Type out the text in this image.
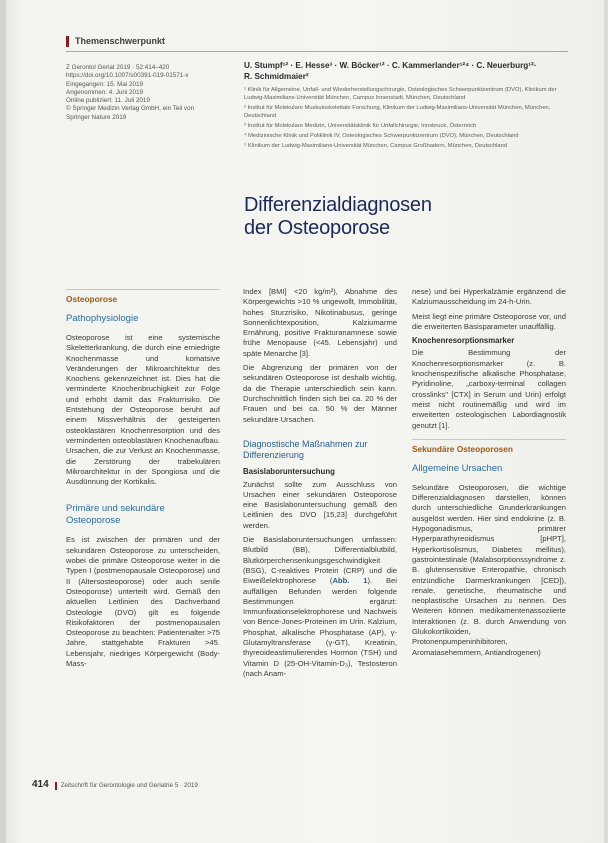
Themenschwerpunkt
Z Gerontol Geriat 2019 · 52:414–420
https://doi.org/10.1007/s00391-019-01571-x
Eingegangen: 15. Mai 2019
Angenommen: 4. Juni 2019
Online publiziert: 11. Juli 2019
© Springer Medizin Verlag GmbH, ein Teil von
Springer Nature 2019
U. Stumpf¹² · E. Hesse³ · W. Böcker¹² · C. Kammerlander¹²⁴ · C. Neuerburg¹²·
R. Schmidmaier²
¹ Klinik für Allgemeine, Unfall- und Wiederherstellungschirurgie, Osteologisches Schwerpunktzentrum (DVO), Klinikum der Ludwig-Maximilians-Universität München, Campus Innenstadt, München, Deutschland
² Institut für Molekulare Muskuloskelettale Forschung, Klinikum der Ludwig-Maximilians-Universität München, München, Deutschland
³ Institut für Molekulare Medizin, Universitätsklinik für Unfallchirurgie, Innsbruck, Österreich
⁴ Medizinische Klinik und Poliklinik IV, Osteologisches Schwerpunktzentrum (DVO), München, Deutschland
⁵ Klinikum der Ludwig-Maximilians-Universität München, Campus Großhadern, München, Deutschland
Differenzialdiagnosen
der Osteoporose
Osteoporose
Pathophysiologie

Osteoporose ist eine systemische Skeletterkrankung, die durch eine erniedrigte Knochenmasse und komatsive Veränderungen der Mikroarchitektur des Knochens gekennzeichnet ist. Dies hat die verminderte Knochenbruchigkeit zur Folge und erhöht damit das Frakturrisiko. Die Entstehung der Osteoporose beruht auf einem Missverhältnis der gesteigerten osteoklastären Knochenresorption und des verminderten osteoblastären Knochenaufbau. Ursachen, die zur Verlust an Knochenmasse, die Zerstörung der trabekulären Mikroarchitektur in der Spongiosa und die Ausdünnung der Kortikalis.

Primäre und sekundäre
Osteoporose

Es ist zwischen der primären und der sekundären Osteoporose zu unterscheiden, wobei die primäre Osteoporose weiter in die Typen I (postmenopausale Osteoporose) und II (Altersosteoporose) oder auch senile Osteoporose) unterteilt wird. Gemäß den aktuellen Leitlinien des Dachverband Osteologie (DVO) gilt es folgende Risikofaktoren der postmenopausalen Osteoporose zu beachten: Patientenalter >75 Jahre, stattgehabte Frakturen >45. Lebensjahr, niedriges Körpergewicht (Body-Mass-

Index [BMI] <20 kg/m²), Abnahme des Körpergewichts >10 % ungewollt, Immobilität, hohes Sturzrisiko, Nikotinabusus, geringe Sonnenlichtexposition, Kalziumarme Ernährung, positive Frakturanamnese sowie frühe Menopause (<45. Lebensjahr) und späte Menarche [3].

Die Abgrenzung der primären von der sekundären Osteoporose ist deshalb wichtig, da die Therapie unterschiedlich sein kann. Durchschnittlich finden sich bei ca. 20 % der Frauen und bei ca. 50 % der Männer sekundäre Ursachen.

Diagnostische Maßnahmen zur
Differenzierung
Basislaboruntersuchung

Zunächst sollte zum Ausschluss von Ursachen einer sekundären Osteoporose eine Basislaboruntersuchung gemäß den Leitlinien des DVO [15,23] durchgeführt werden.

Die Basislaboruntersuchungen umfassen: Blutbild (BB), Differentialblutbild, Blutkörperchensenkungsgeschwindigkeit (BSG), C-reaktives Protein (CRP) und die Eiweißelektrophorese (Abb. 1). Bei auffälligen Befunden werden folgende Bestimmungen ergänzt: Immunfixationselektrophorese und Nachweis von Bence-Jones-Proteinen im Urin. Kalzium, Phosphat, alkalische Phosphatase (AP), γ-Glutamyltransferase (γ-GT), Kreatinin, thyreoideastimulierendes Hormon (TSH) und Vitamin D (25-OH-Vitamin-D₃), Testosteron (nach Anam-

nese) und bei Hyperkalzämie ergänzend die Kalziumausscheidung im 24-h-Urin.

Meist liegt eine primäre Osteoporose vor, und die erweiterten Basisparameter unauffällig.

Knochenresorptionsmarker

Die Bestimmung der Knochenresorptionsmarker (z. B. knochenspezifische alkalische Phosphatase, Pyridinoline, „carboxy-terminal collagen crosslinks" [CTX] in Serum und Urin) erfolgt meist nicht routinemäßig und wird im erweiterten osteologischen Labordiagnostik genutzt [1].

Sekundäre Osteoporosen
Allgemeine Ursachen

Sekundäre Osteoporosen, die wichtige Differenzialdiagnosen darstellen, können durch unterschiedliche Grunderkrankungen ausgelöst werden. Hier sind endokrine (z. B. Hypogonadismus, primärer Hyperparathyreoidismus [pHPT], Hyperkortisolismus, Diabetes mellitus), gastrointestinale (Malabsorptionssyndrome z. B. glutensensitive Enteropathie, chronisch entzündliche Darmerkrankungen [CED]), renale, genetische, rheumatische und neoplastische Ursachen zu nennen. Des Weiteren können medikamentenassoziierte Interaktionen (z. B. durch Anwendung von Glukokortikoiden, Protonenpumpeninhibitoren, Aromatasehemmern, Antiandrogenen)

414	Zeitschrift für Gerontologie und Geriatrie 5 · 2019
